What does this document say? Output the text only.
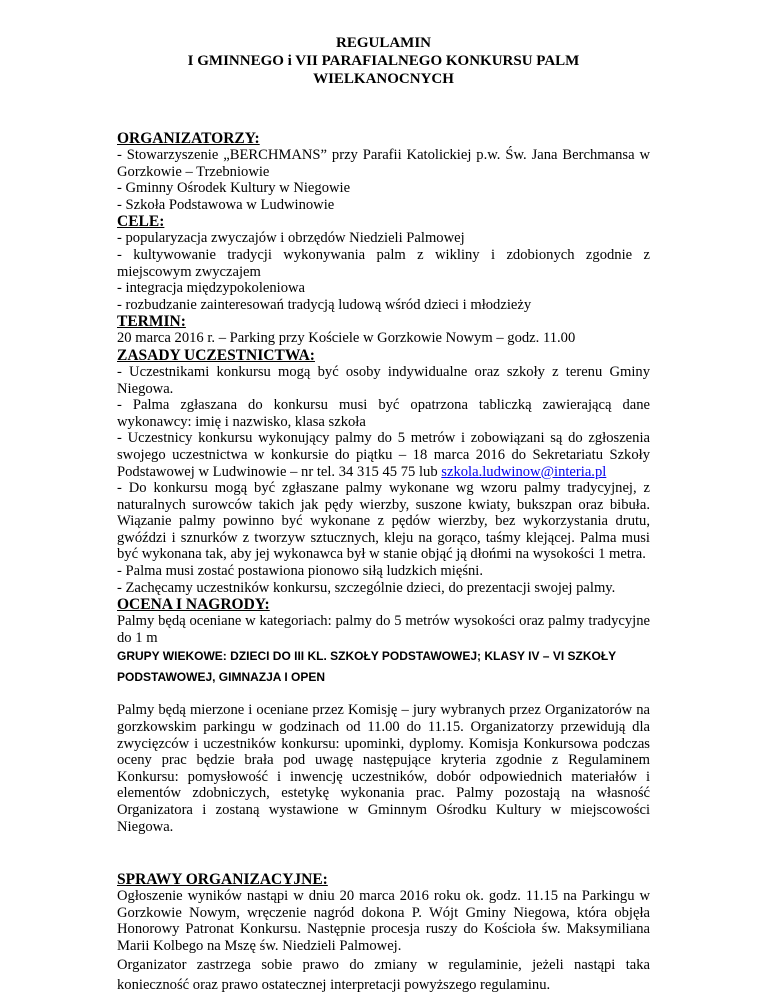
REGULAMIN

I GMINNEGO i VII PARAFIALNEGO KONKURSU PALM

WIELKANOCNYCH

ORGANIZATORZY:

- Stowarzyszenie „BERCHMANS” przy Parafii Katolickiej p.w. Św. Jana Berchmansa w Gorzkowie – Trzebniowie

- Gminny Ośrodek Kultury w Niegowie

- Szkoła Podstawowa w Ludwinowie

CELE:

- popularyzacja zwyczajów i obrzędów Niedzieli Palmowej

- kultywowanie tradycji wykonywania palm z wikliny i zdobionych zgodnie z miejscowym zwyczajem

- integracja międzypokoleniowa

- rozbudzanie zainteresowań tradycją ludową wśród dzieci i młodzieży

TERMIN:

20 marca 2016 r. – Parking przy Kościele w Gorzkowie Nowym – godz. 11.00

ZASADY UCZESTNICTWA:

- Uczestnikami konkursu mogą być osoby indywidualne oraz szkoły z terenu Gminy Niegowa.

- Palma zgłaszana do konkursu musi być opatrzona tabliczką zawierającą dane wykonawcy: imię i nazwisko, klasa szkoła

- Uczestnicy konkursu wykonujący palmy do 5 metrów i zobowiązani są do zgłoszenia swojego uczestnictwa w konkursie do piątku – 18 marca 2016 do Sekretariatu Szkoły Podstawowej w Ludwinowie – nr tel. 34 315 45 75 lub szkola.ludwinow@interia.pl

- Do konkursu mogą być zgłaszane palmy wykonane wg wzoru palmy tradycyjnej, z naturalnych surowców takich jak pędy wierzby, suszone kwiaty, bukszpan oraz bibuła. Wiązanie palmy powinno być wykonane z pędów wierzby, bez wykorzystania drutu, gwóździ i sznurków z tworzyw sztucznych, kleju na gorąco, taśmy klejącej. Palma musi być wykonana tak, aby jej wykonawca był w stanie objąć ją dłońmi na wysokości 1 metra.

- Palma musi zostać postawiona pionowo siłą ludzkich mięśni.

- Zachęcamy uczestników konkursu, szczególnie dzieci, do prezentacji swojej palmy.

OCENA I NAGRODY:

Palmy będą oceniane w kategoriach: palmy do 5 metrów wysokości oraz palmy tradycyjne do 1 m

GRUPY WIEKOWE: DZIECI DO III KL. SZKOŁY PODSTAWOWEJ; KLASY IV – VI SZKOŁY PODSTAWOWEJ, GIMNAZJA I OPEN

Palmy będą mierzone i oceniane przez Komisję – jury wybranych przez Organizatorów na gorzkowskim parkingu w godzinach od 11.00 do 11.15. Organizatorzy przewidują dla zwycięzców i uczestników konkursu: upominki, dyplomy. Komisja Konkursowa podczas oceny prac będzie brała pod uwagę następujące kryteria zgodnie z Regulaminem Konkursu: pomysłowość i inwencję uczestników, dobór odpowiednich materiałów i elementów zdobniczych, estetykę wykonania prac. Palmy pozostają na własność Organizatora i zostaną wystawione w Gminnym Ośrodku Kultury w miejscowości Niegowa.

SPRAWY ORGANIZACYJNE:

Ogłoszenie wyników nastąpi w dniu 20 marca 2016 roku ok. godz. 11.15 na Parkingu w Gorzkowie Nowym, wręczenie nagród dokona P. Wójt Gminy Niegowa, która objęła Honorowy Patronat Konkursu. Następnie procesja ruszy do Kościoła św. Maksymiliana Marii Kolbego na Mszę św. Niedzieli Palmowej.

Organizator zastrzega sobie prawo do zmiany w regulaminie, jeżeli nastąpi taka konieczność oraz prawo ostatecznej interpretacji powyższego regulaminu.
